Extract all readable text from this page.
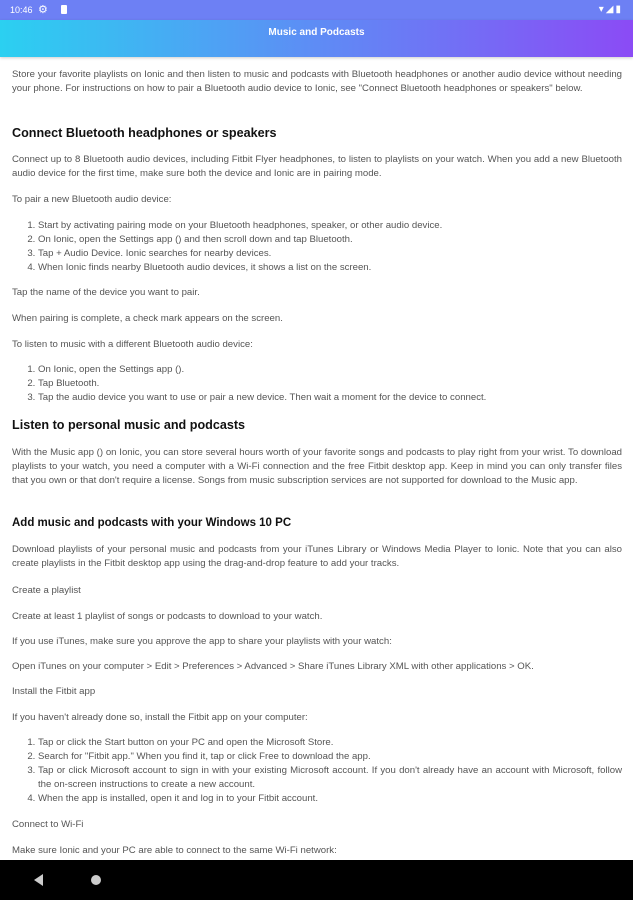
10:46 ⚙	▾◢▮
Music and Podcasts
Store your favorite playlists on Ionic and then listen to music and podcasts with Bluetooth headphones or another audio device without needing your phone. For instructions on how to pair a Bluetooth audio device to Ionic, see "Connect Bluetooth headphones or speakers" below.
Connect Bluetooth headphones or speakers
Connect up to 8 Bluetooth audio devices, including Fitbit Flyer headphones, to listen to playlists on your watch. When you add a new Bluetooth audio device for the first time, make sure both the device and Ionic are in pairing mode.
To pair a new Bluetooth audio device:
1. Start by activating pairing mode on your Bluetooth headphones, speaker, or other audio device.
2. On Ionic, open the Settings app () and then scroll down and tap Bluetooth.
3. Tap + Audio Device. Ionic searches for nearby devices.
4. When Ionic finds nearby Bluetooth audio devices, it shows a list on the screen.
Tap the name of the device you want to pair.
When pairing is complete, a check mark appears on the screen.
To listen to music with a different Bluetooth audio device:
1. On Ionic, open the Settings app ().
2. Tap Bluetooth.
3. Tap the audio device you want to use or pair a new device. Then wait a moment for the device to connect.
Listen to personal music and podcasts
With the Music app () on Ionic, you can store several hours worth of your favorite songs and podcasts to play right from your wrist. To download playlists to your watch, you need a computer with a Wi-Fi connection and the free Fitbit desktop app. Keep in mind you can only transfer files that you own or that don't require a license. Songs from music subscription services are not supported for download to the Music app.
Add music and podcasts with your Windows 10 PC
Download playlists of your personal music and podcasts from your iTunes Library or Windows Media Player to Ionic. Note that you can also create playlists in the Fitbit desktop app using the drag-and-drop feature to add your tracks.
Create a playlist
Create at least 1 playlist of songs or podcasts to download to your watch.
If you use iTunes, make sure you approve the app to share your playlists with your watch:
Open iTunes on your computer > Edit > Preferences > Advanced > Share iTunes Library XML with other applications > OK.
Install the Fitbit app
If you haven't already done so, install the Fitbit app on your computer:
1. Tap or click the Start button on your PC and open the Microsoft Store.
2. Search for "Fitbit app." When you find it, tap or click Free to download the app.
3. Tap or click Microsoft account to sign in with your existing Microsoft account. If you don't already have an account with Microsoft, follow the on-screen instructions to create a new account.
4. When the app is installed, open it and log in to your Fitbit account.
Connect to Wi-Fi
Make sure Ionic and your PC are able to connect to the same Wi-Fi network:
